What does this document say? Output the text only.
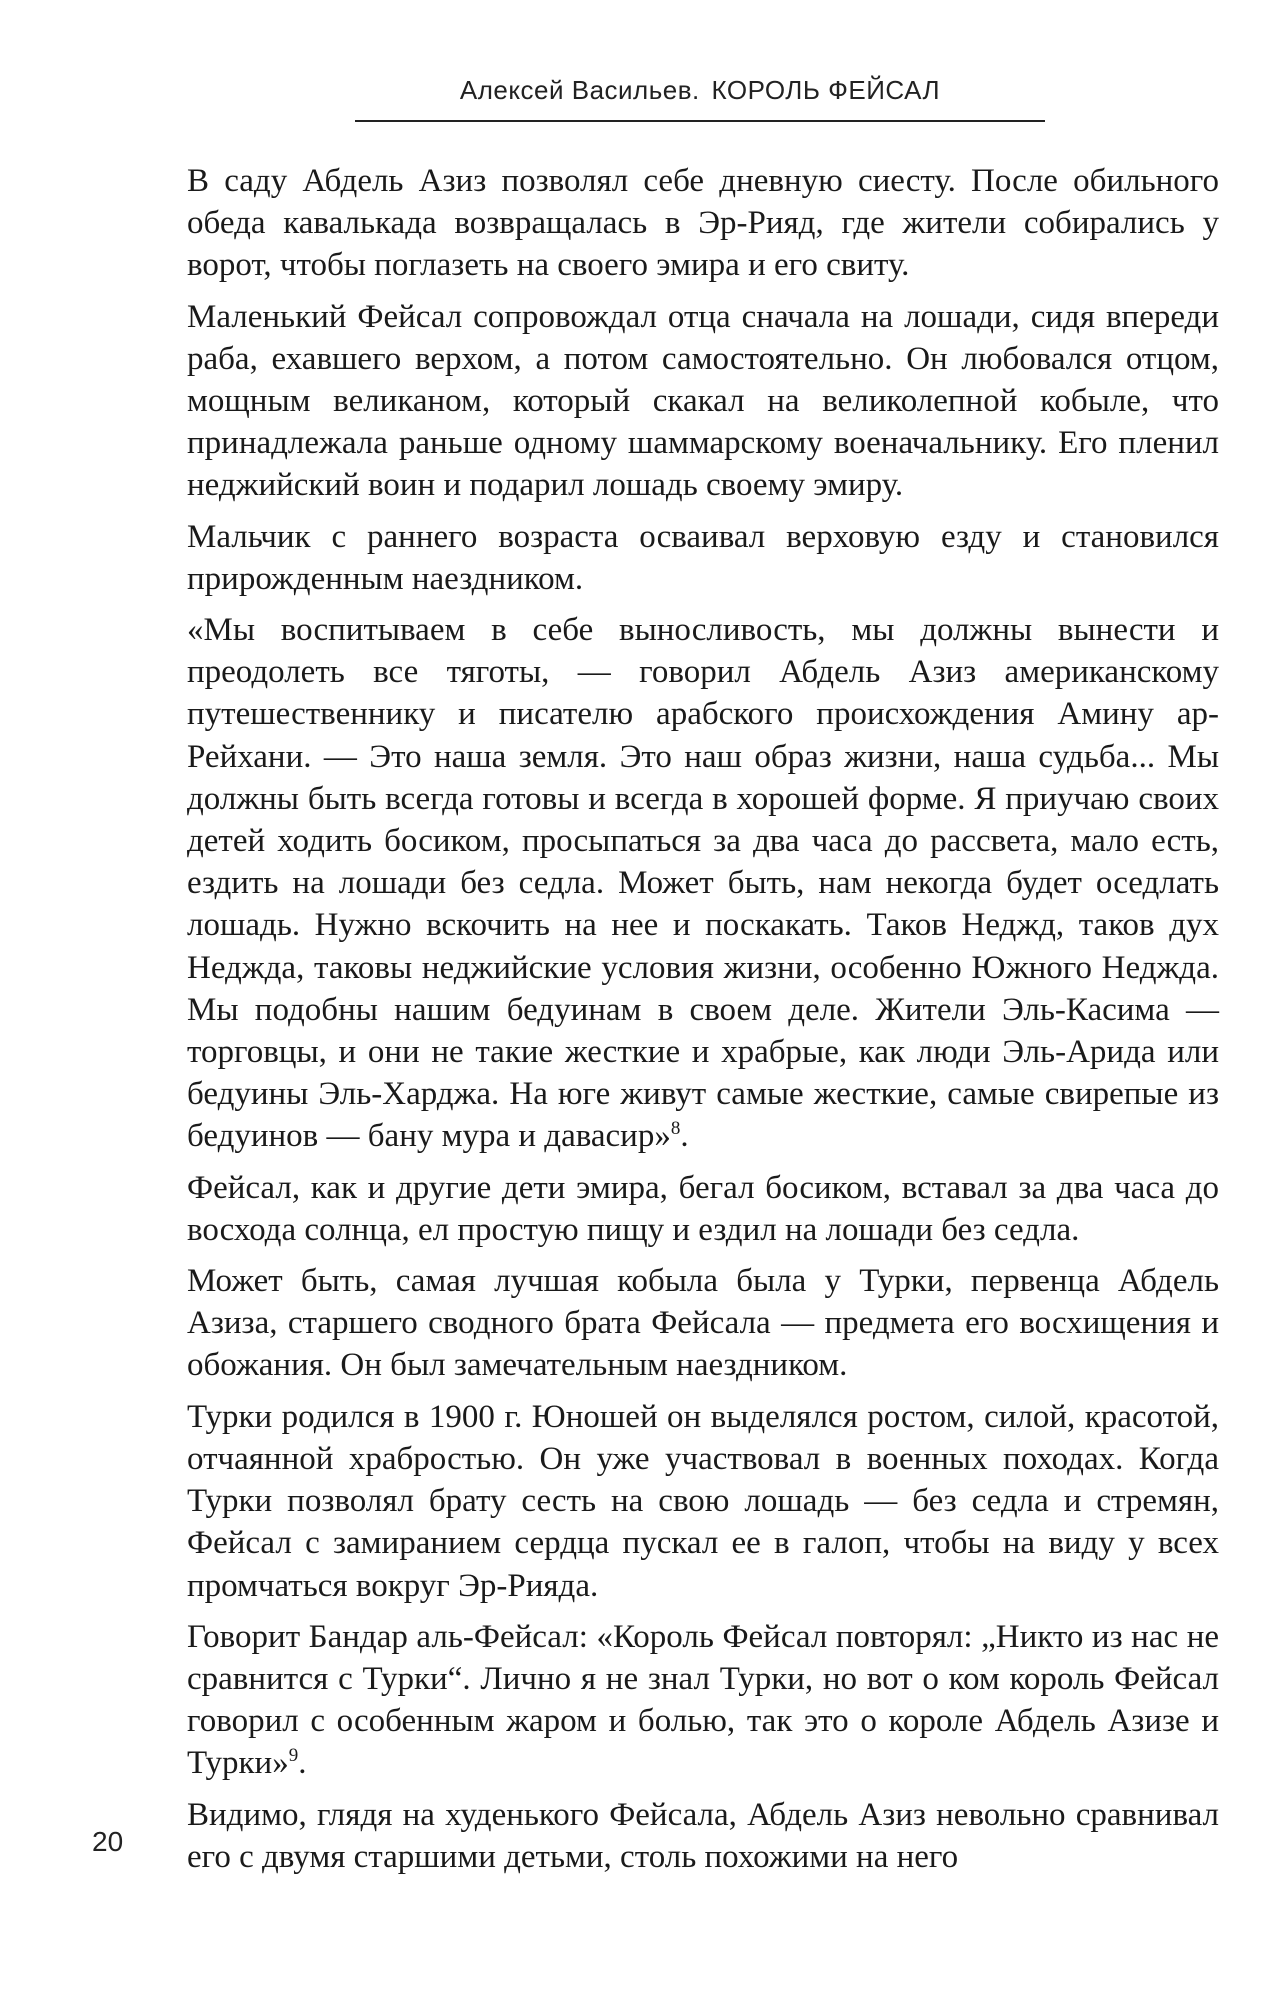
Алексей Васильев. КОРОЛЬ ФЕЙСАЛ

В саду Абдель Азиз позволял себе дневную сиесту. После обильного обеда кавалькада возвращалась в Эр-Рияд, где жители собирались у ворот, чтобы поглазеть на своего эмира и его свиту.

Маленький Фейсал сопровождал отца сначала на лошади, сидя впереди раба, ехавшего верхом, а потом самостоятельно. Он любовался отцом, мощным великаном, который скакал на великолепной кобыле, что принадлежала раньше одному шаммарскому военачальнику. Его пленил неджийский воин и подарил лошадь своему эмиру.

Мальчик с раннего возраста осваивал верховую езду и становился прирожденным наездником.

«Мы воспитываем в себе выносливость, мы должны вынести и преодолеть все тяготы, — говорил Абдель Азиз американскому путешественнику и писателю арабского происхождения Амину ар-Рейхани. — Это наша земля. Это наш образ жизни, наша судьба... Мы должны быть всегда готовы и всегда в хорошей форме. Я приучаю своих детей ходить босиком, просыпаться за два часа до рассвета, мало есть, ездить на лошади без седла. Может быть, нам некогда будет оседлать лошадь. Нужно вскочить на нее и поскакать. Таков Неджд, таков дух Неджда, таковы неджийские условия жизни, особенно Южного Неджда. Мы подобны нашим бедуинам в своем деле. Жители Эль-Касима — торговцы, и они не такие жесткие и храбрые, как люди Эль-Арида или бедуины Эль-Харджа. На юге живут самые жесткие, самые свирепые из бедуинов — бану мура и давасир»$^8$.

Фейсал, как и другие дети эмира, бегал босиком, вставал за два часа до восхода солнца, ел простую пищу и ездил на лошади без седла.

Может быть, самая лучшая кобыла была у Турки, первенца Абдель Азиза, старшего сводного брата Фейсала — предмета его восхищения и обожания. Он был замечательным наездником.

Турки родился в 1900 г. Юношей он выделялся ростом, силой, красотой, отчаянной храбростью. Он уже участвовал в военных походах. Когда Турки позволял брату сесть на свою лошадь — без седла и стремян, Фейсал с замиранием сердца пускал ее в галоп, чтобы на виду у всех промчаться вокруг Эр-Рияда.

Говорит Бандар аль-Фейсал: «Король Фейсал повторял: „Никто из нас не сравнится с Турки“. Лично я не знал Турки, но вот о ком король Фейсал говорил с особенным жаром и болью, так это о короле Абдель Азизе и Турки»$^9$.

Видимо, глядя на худенького Фейсала, Абдель Азиз невольно сравнивал его с двумя старшими детьми, столь похожими на него

20
